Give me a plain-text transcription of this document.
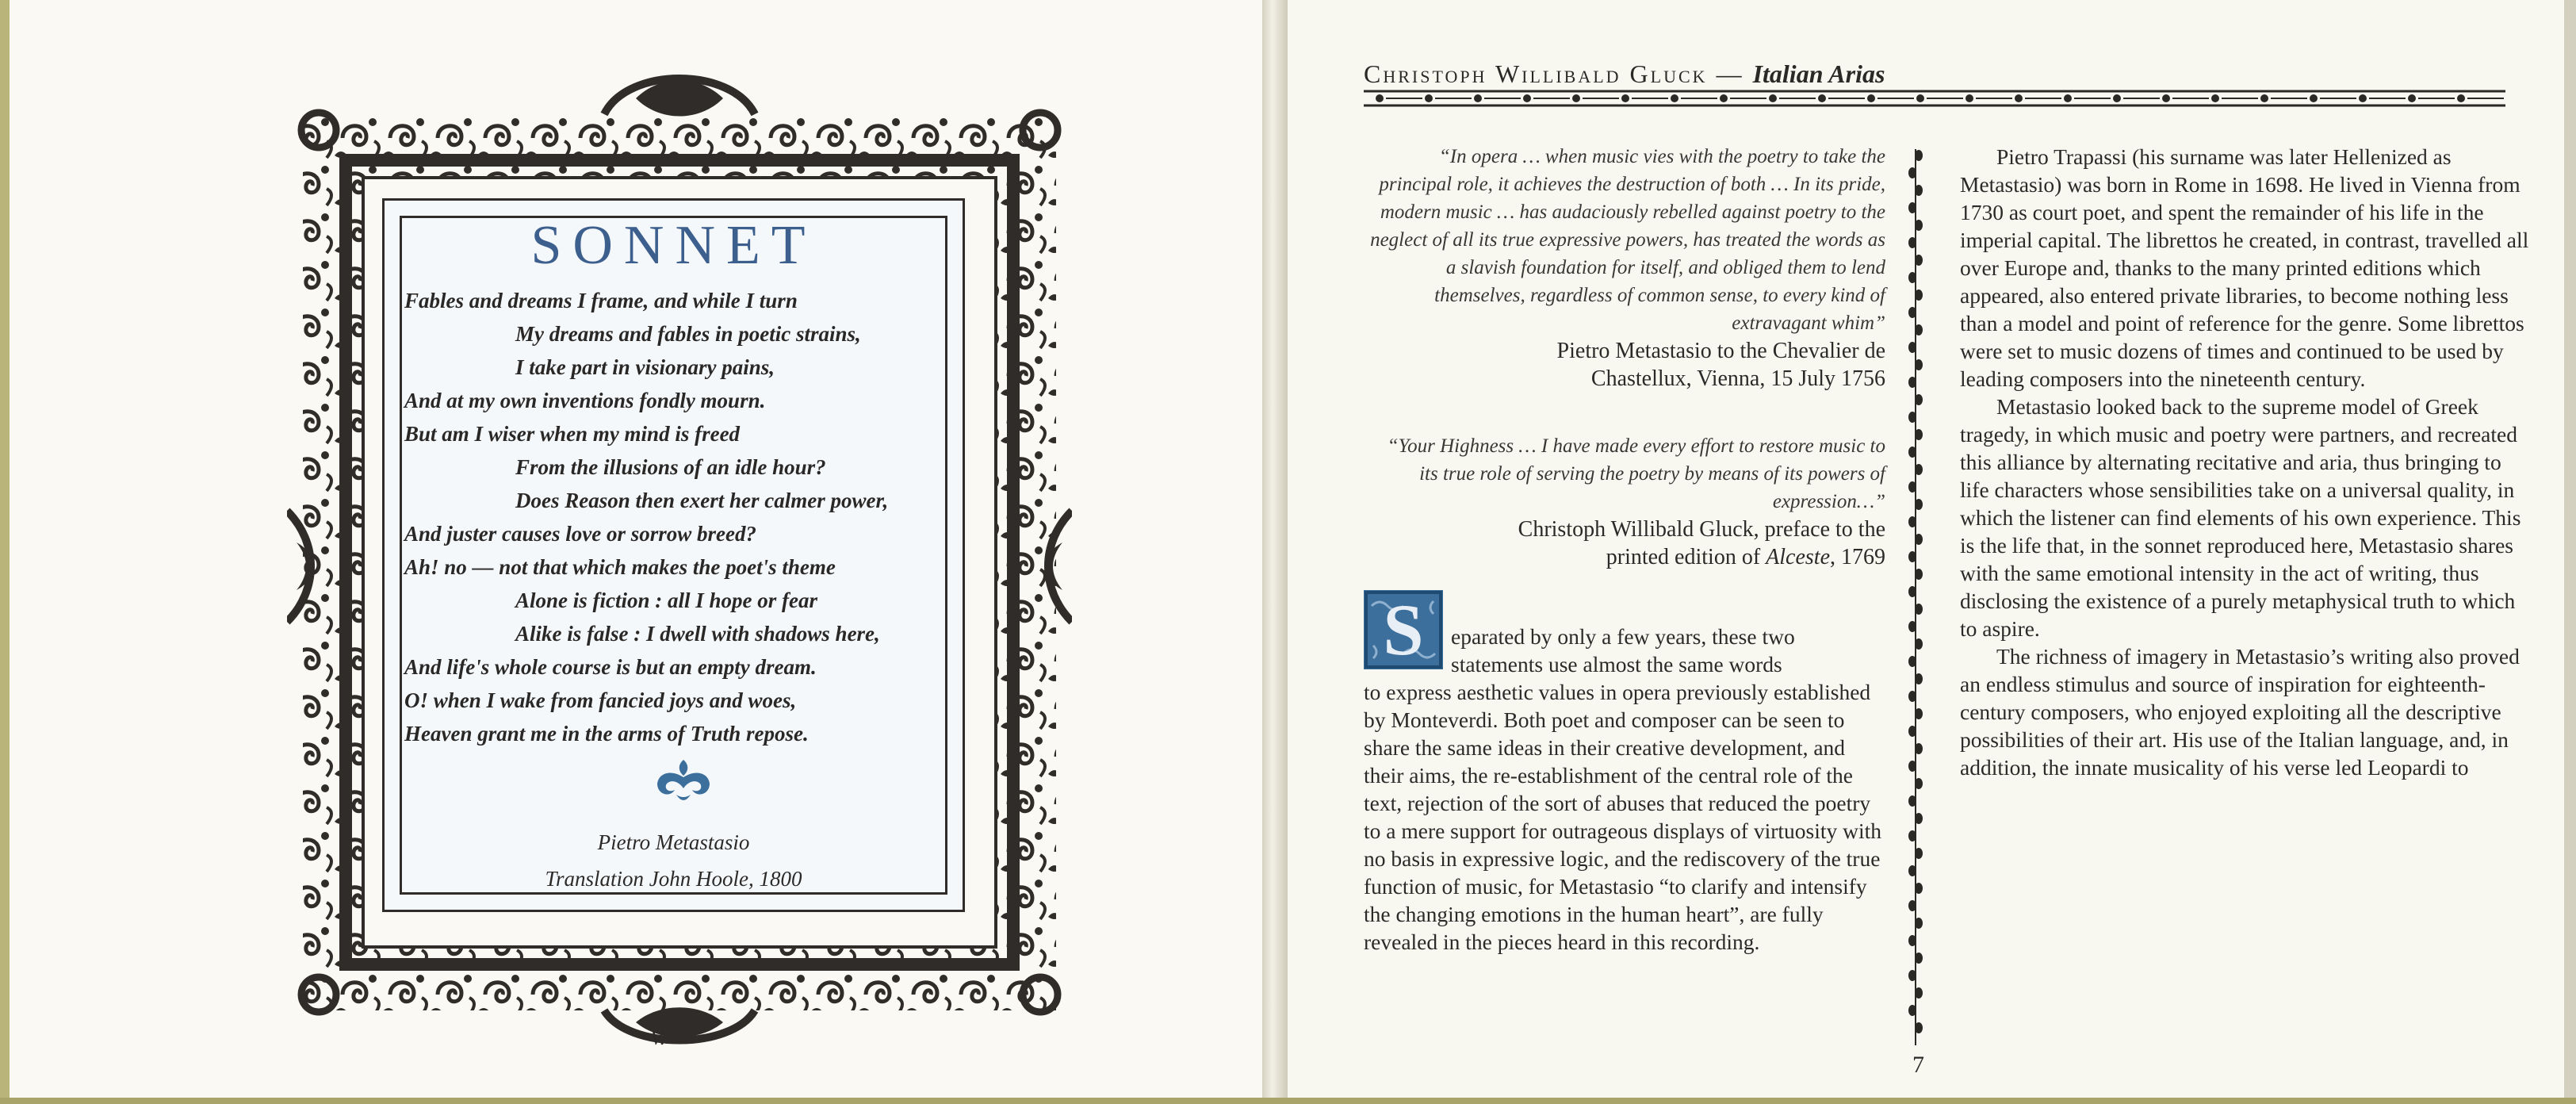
SONNET
Fables and dreams I frame, and while I turn
My dreams and fables in poetic strains,
I take part in visionary pains,
And at my own inventions fondly mourn.
But am I wiser when my mind is freed
From the illusions of an idle hour?
Does Reason then exert her calmer power,
And juster causes love or sorrow breed?
Ah! no — not that which makes the poet's theme
Alone is fiction : all I hope or fear
Alike is false : I dwell with shadows here,
And life's whole course is but an empty dream.
O! when I wake from fancied joys and woes,
Heaven grant me in the arms of Truth repose.
Pietro Metastasio
Translation John Hoole, 1800
V.
Christoph Willibald Gluck — Italian Arias
“In opera … when music vies with the poetry to take the principal role, it achieves the destruction of both … In its pride, modern music … has audaciously rebelled against poetry to the neglect of all its true expressive powers, has treated the words as a slavish foundation for itself, and obliged them to lend themselves, regardless of common sense, to every kind of extravagant whim”
Pietro Metastasio to the Chevalier de
Chastellux, Vienna, 15 July 1756
“Your Highness … I have made every effort to restore music to its true role of serving the poetry by means of its powers of expression…”
Christoph Willibald Gluck, preface to the
printed edition of Alceste, 1769
S	eparated by only a few years, these two
statements use almost the same words
to express aesthetic values in opera previously established by Monteverdi. Both poet and composer can be seen to share the same ideas in their creative development, and their aims, the re-establishment of the central role of the text, rejection of the sort of abuses that reduced the poetry to a mere support for outrageous displays of virtuosity with no basis in expressive logic, and the rediscovery of the true function of music, for Metastasio “to clarify and intensify the changing emotions in the human heart”, are fully revealed in the pieces heard in this recording.

Pietro Trapassi (his surname was later Hellenized as Metastasio) was born in Rome in 1698. He lived in Vienna from 1730 as court poet, and spent the remainder of his life in the imperial capital. The librettos he created, in contrast, travelled all over Europe and, thanks to the many printed editions which appeared, also entered private libraries, to become nothing less than a model and point of reference for the genre. Some librettos were set to music dozens of times and continued to be used by leading composers into the nineteenth century.

Metastasio looked back to the supreme model of Greek tragedy, in which music and poetry were partners, and recreated this alliance by alternating recitative and aria, thus bringing to life characters whose sensibilities take on a universal quality, in which the listener can find elements of his own experience. This is the life that, in the sonnet reproduced here, Metastasio shares with the same emotional intensity in the act of writing, thus disclosing the existence of a purely metaphysical truth to which to aspire.

The richness of imagery in Metastasio’s writing also proved an endless stimulus and source of inspiration for eighteenth-century composers, who enjoyed exploiting all the descriptive possibilities of their art. His use of the Italian language, and, in addition, the innate musicality of his verse led Leopardi to

7
